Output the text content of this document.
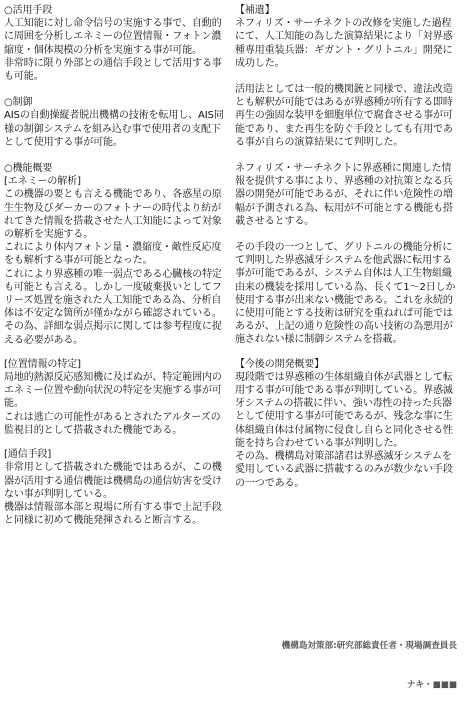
○活用手段

人工知能に対し命令信号の実施する事で、自動的に周囲を分析しエネミーの位置情報・フォトン濃縮度・個体規模の分析を実施する事が可能。
非常時に限り外部との通信手段として活用する事も可能。

○制御

AISの自動操縦者脱出機構の技術を転用し、AIS同様の制御システムを組み込む事で使用者の支配下として使用する事が可能。

○機能概要

[エネミーの解析]

この機器の要とも言える機能であり、各惑星の原生生物及びダーカーのフォトナーの時代より紡がれてきた情報を搭載させた人工知能によって対象の解析を実施する。
これにより体内フォトン量・濃縮度・敵性反応度をも解析する事が可能となった。
これにより界惑種の唯一弱点である心臓核の特定も可能とも言える。しかし一度破棄扱いとしてフリーズ処置を施された人工知能である為、分析自体は不安定な箇所が僅かながら確認されている。その為、詳細な弱点掲示に関しては参考程度に捉える必要がある。

[位置情報の特定]

局地的熱源反応感知機に及ばぬが、特定範囲内のエネミー位置や動向状況の特定を実施する事が可能。
これは逃亡の可能性があるとされたアルターズの監視目的として搭載された機能である。

[通信手段]

非常用として搭載された機能ではあるが、この機器が活用する通信機能は機構島の通信妨害を受けない事が判明している。
機器は情報部本部と現場に所有する事で上記手段と同様に初めて機能発揮されると断言する。

【補遺】

ネフィリズ・サーチネクトの改修を実施した過程にて、人工知能の為した演算結果により「対界惑種専用重装兵器：ギガント・グリトニル」開発に成功した。

活用法としては一般的機関銃と同様で、違法改造とも解釈が可能ではあるが界惑種が所有する即時再生の強固な装甲を細胞単位で腐食させる事が可能であり、また再生を防ぐ手段としても有用である事が自らの演算結果にて判明した。

ネフィリズ・サーチネクトに界惑種に関連した情報を提供する事により、界惑種の対抗策となる兵器の開発が可能であるが、それに伴い危険性の増幅が予測される為、転用が不可能とする機能も搭載させるとする。

その手段の一つとして、グリトニルの機能分析にて判明した界惑滅牙システムを他武器に転用する事が可能であるが、システム自体は人工生物組織由来の機装を採用している為、長くて1～2日しか使用する事が出来ない機能である。これを永続的に使用可能とする技術は研究を重ねれば可能ではあるが、上記の通り危険性の高い技術の為悪用が施されない様に制御システムを搭載。

【今後の開発概要】

現段階では界惑種の生体組織自体が武器として転用する事が可能である事が判明している。界惑滅牙システムの搭載に伴い、強い毒性の持った兵器として使用する事が可能であるが、残念な事に生体組織自体は付属物に侵食し自らと同化させる性能を持ち合わせている事が判明した。
その為、機構島対策部諸君は界惑滅牙システムを愛用している武器に搭載するのみが数少ない手段の一つである。

機構島対策部:研究部総責任者・現場調査員長

ナキ・■■■
